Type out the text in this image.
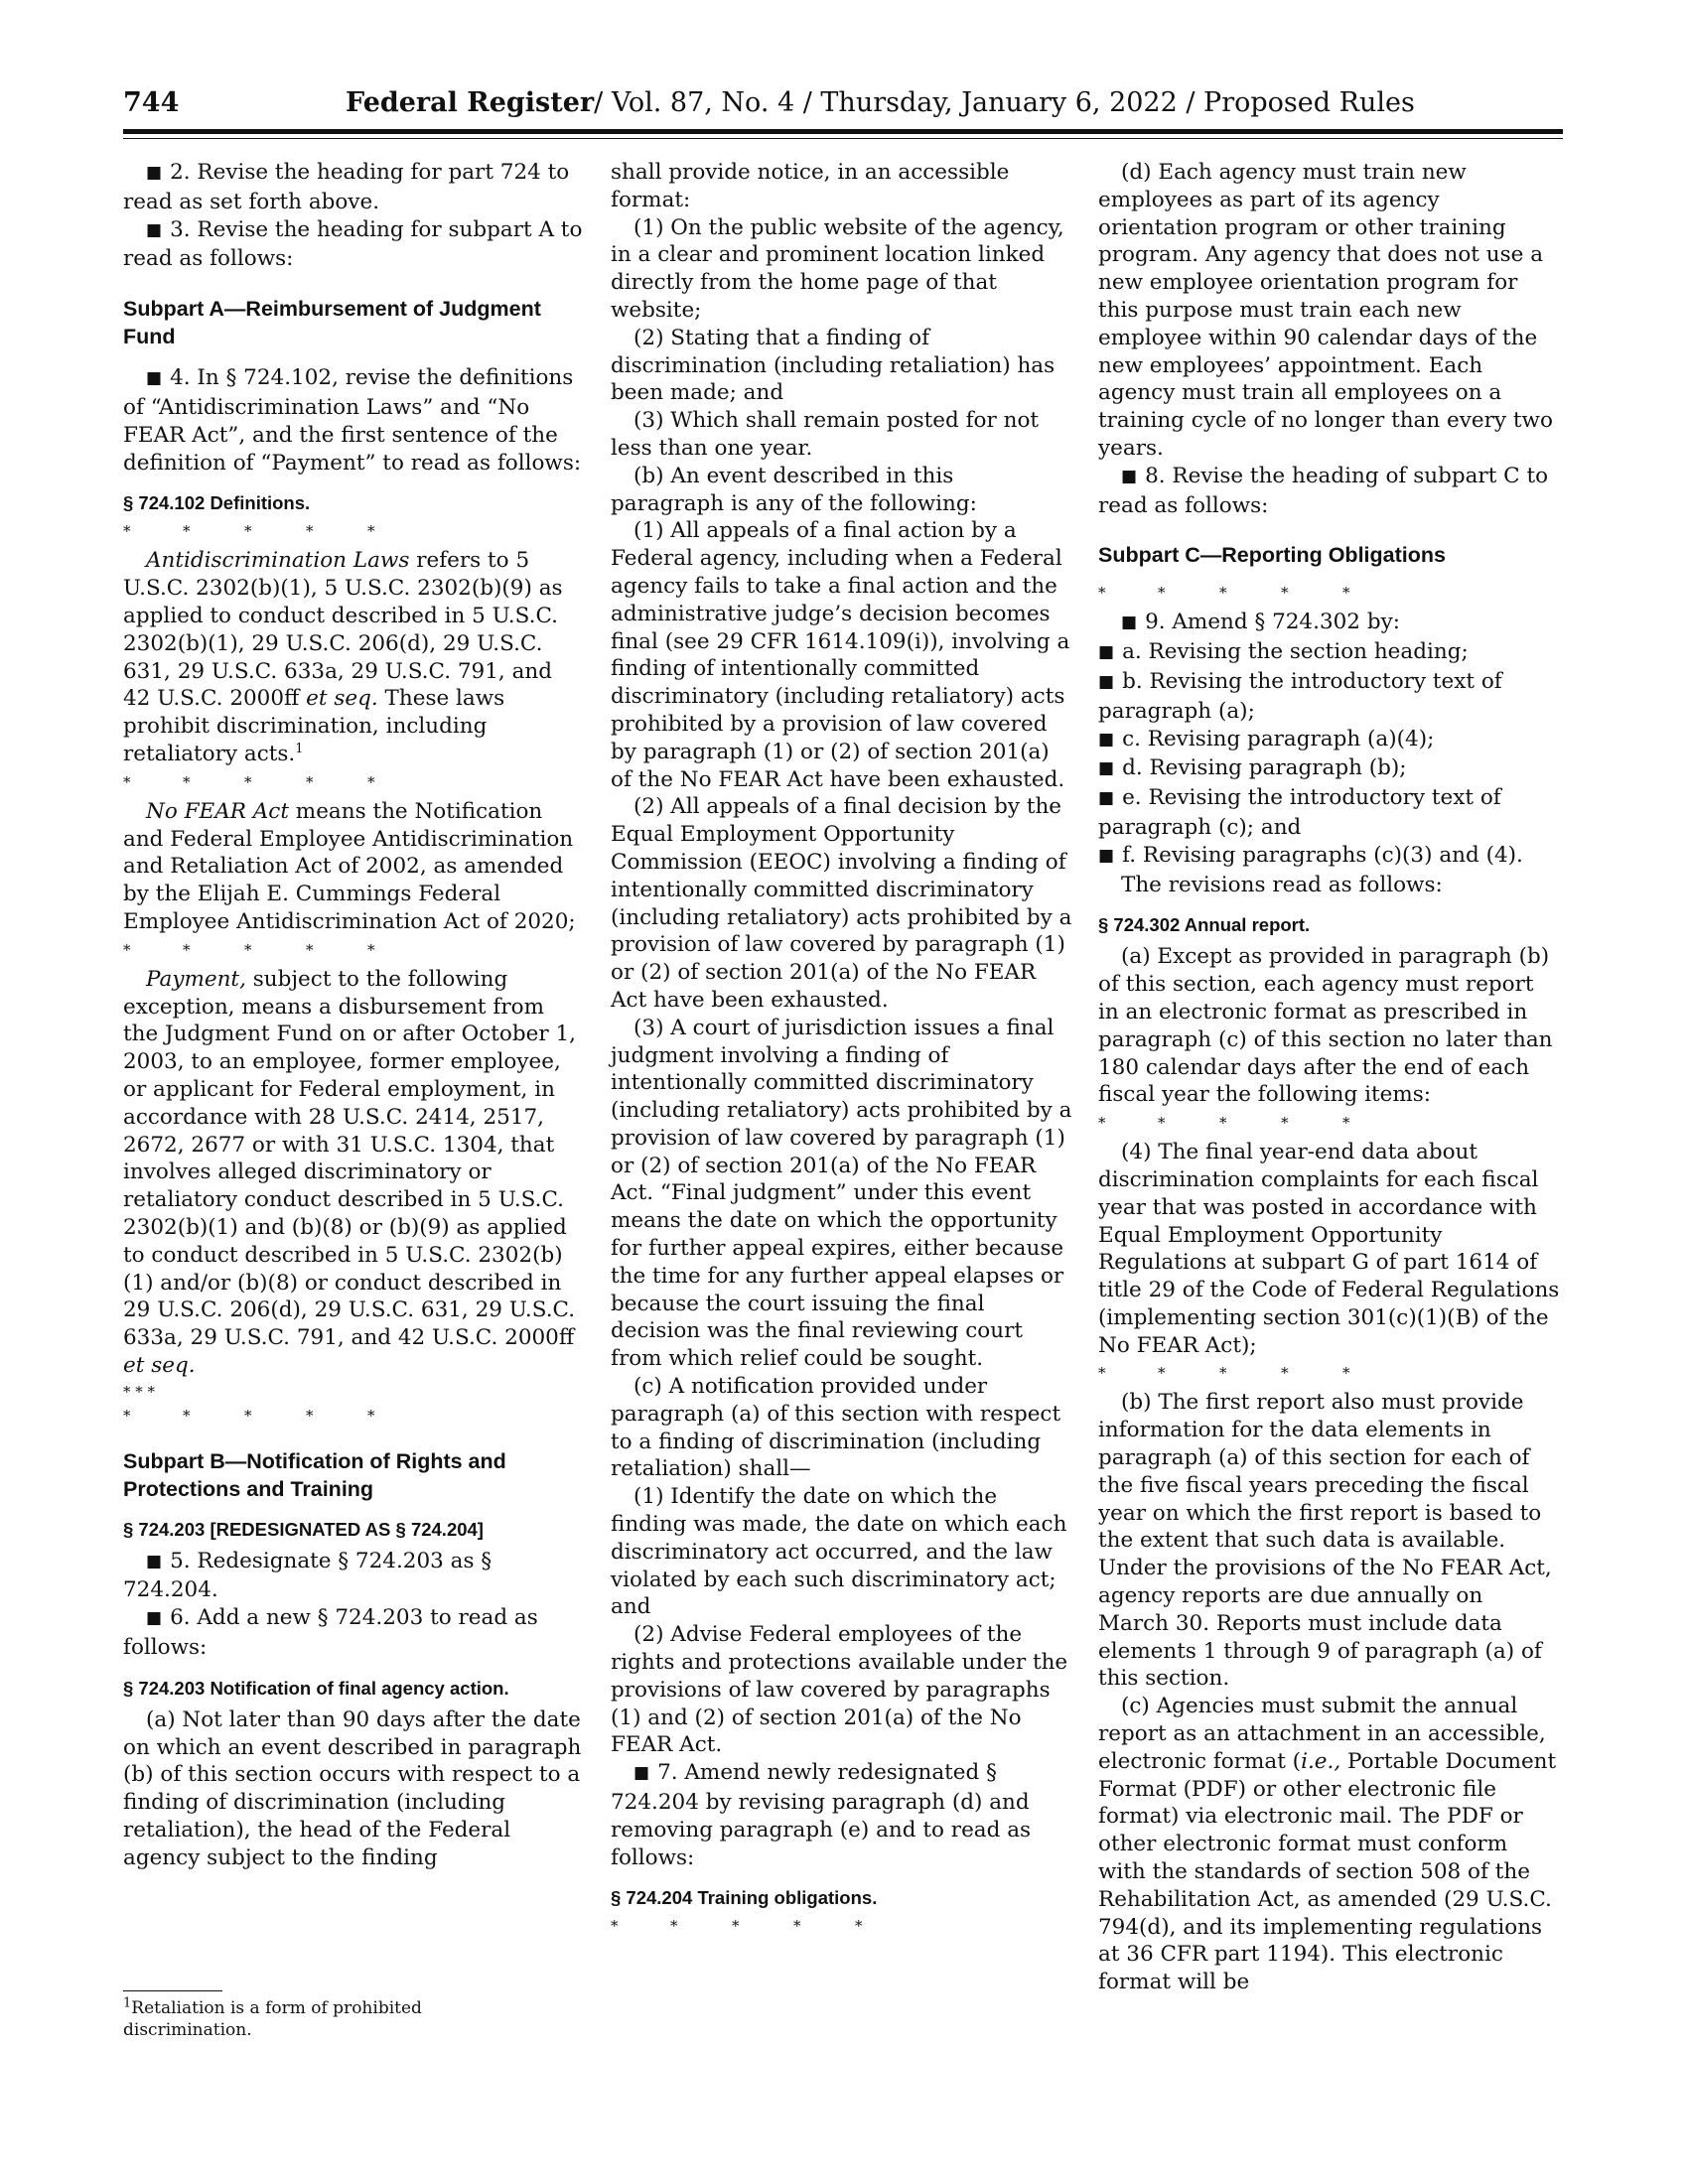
744	Federal Register/ Vol. 87, No. 4 / Thursday, January 6, 2022 / Proposed Rules

■ 2. Revise the heading for part 724 to read as set forth above.

■ 3. Revise the heading for subpart A to read as follows:

Subpart A—Reimbursement of Judgment Fund

■ 4. In § 724.102, revise the definitions of “Antidiscrimination Laws” and “No FEAR Act”, and the first sentence of the definition of “Payment” to read as follows:

§ 724.102 Definitions.
*	*	*	*	*

Antidiscrimination Laws refers to 5 U.S.C. 2302(b)(1), 5 U.S.C. 2302(b)(9) as applied to conduct described in 5 U.S.C. 2302(b)(1), 29 U.S.C. 206(d), 29 U.S.C. 631, 29 U.S.C. 633a, 29 U.S.C. 791, and 42 U.S.C. 2000ff et seq. These laws prohibit discrimination, including retaliatory acts.$^1$

*	*	*	*	*

No FEAR Act means the Notification and Federal Employee Antidiscrimination and Retaliation Act of 2002, as amended by the Elijah E. Cummings Federal Employee Antidiscrimination Act of 2020;

*	*	*	*	*

Payment, subject to the following exception, means a disbursement from the Judgment Fund on or after October 1, 2003, to an employee, former employee, or applicant for Federal employment, in accordance with 28 U.S.C. 2414, 2517, 2672, 2677 or with 31 U.S.C. 1304, that involves alleged discriminatory or retaliatory conduct described in 5 U.S.C. 2302(b)(1) and (b)(8) or (b)(9) as applied to conduct described in 5 U.S.C. 2302(b)(1) and/or (b)(8) or conduct described in 29 U.S.C. 206(d), 29 U.S.C. 631, 29 U.S.C. 633a, 29 U.S.C. 791, and 42 U.S.C. 2000ff et seq.

* * *
*	*	*	*	*
Subpart B—Notification of Rights and Protections and Training
§ 724.203 [REDESIGNATED AS § 724.204]

■ 5. Redesignate § 724.203 as § 724.204.

■ 6. Add a new § 724.203 to read as follows:

§ 724.203 Notification of final agency action.

(a) Not later than 90 days after the date on which an event described in paragraph (b) of this section occurs with respect to a finding of discrimination (including retaliation), the head of the Federal agency subject to the finding

$^1$Retaliation is a form of prohibited discrimination.

shall provide notice, in an accessible format:

(1) On the public website of the agency, in a clear and prominent location linked directly from the home page of that website;

(2) Stating that a finding of discrimination (including retaliation) has been made; and

(3) Which shall remain posted for not less than one year.

(b) An event described in this paragraph is any of the following:

(1) All appeals of a final action by a Federal agency, including when a Federal agency fails to take a final action and the administrative judge’s decision becomes final (see 29 CFR 1614.109(i)), involving a finding of intentionally committed discriminatory (including retaliatory) acts prohibited by a provision of law covered by paragraph (1) or (2) of section 201(a) of the No FEAR Act have been exhausted.

(2) All appeals of a final decision by the Equal Employment Opportunity Commission (EEOC) involving a finding of intentionally committed discriminatory (including retaliatory) acts prohibited by a provision of law covered by paragraph (1) or (2) of section 201(a) of the No FEAR Act have been exhausted.

(3) A court of jurisdiction issues a final judgment involving a finding of intentionally committed discriminatory (including retaliatory) acts prohibited by a provision of law covered by paragraph (1) or (2) of section 201(a) of the No FEAR Act. “Final judgment” under this event means the date on which the opportunity for further appeal expires, either because the time for any further appeal elapses or because the court issuing the final decision was the final reviewing court from which relief could be sought.

(c) A notification provided under paragraph (a) of this section with respect to a finding of discrimination (including retaliation) shall—

(1) Identify the date on which the finding was made, the date on which each discriminatory act occurred, and the law violated by each such discriminatory act; and

(2) Advise Federal employees of the rights and protections available under the provisions of law covered by paragraphs (1) and (2) of section 201(a) of the No FEAR Act.

■ 7. Amend newly redesignated § 724.204 by revising paragraph (d) and removing paragraph (e) and to read as follows:

§ 724.204 Training obligations.
*	*	*	*	*

(d) Each agency must train new employees as part of its agency orientation program or other training program. Any agency that does not use a new employee orientation program for this purpose must train each new employee within 90 calendar days of the new employees’ appointment. Each agency must train all employees on a training cycle of no longer than every two years.

■ 8. Revise the heading of subpart C to read as follows:

Subpart C—Reporting Obligations
*	*	*	*	*

■ 9. Amend § 724.302 by:

■ a. Revising the section heading;

■ b. Revising the introductory text of paragraph (a);

■ c. Revising paragraph (a)(4);

■ d. Revising paragraph (b);

■ e. Revising the introductory text of paragraph (c); and

■ f. Revising paragraphs (c)(3) and (4).

The revisions read as follows:

§ 724.302 Annual report.

(a) Except as provided in paragraph (b) of this section, each agency must report in an electronic format as prescribed in paragraph (c) of this section no later than 180 calendar days after the end of each fiscal year the following items:

*	*	*	*	*

(4) The final year-end data about discrimination complaints for each fiscal year that was posted in accordance with Equal Employment Opportunity Regulations at subpart G of part 1614 of title 29 of the Code of Federal Regulations (implementing section 301(c)(1)(B) of the No FEAR Act);

*	*	*	*	*

(b) The first report also must provide information for the data elements in paragraph (a) of this section for each of the five fiscal years preceding the fiscal year on which the first report is based to the extent that such data is available. Under the provisions of the No FEAR Act, agency reports are due annually on March 30. Reports must include data elements 1 through 9 of paragraph (a) of this section.

(c) Agencies must submit the annual report as an attachment in an accessible, electronic format (i.e., Portable Document Format (PDF) or other electronic file format) via electronic mail. The PDF or other electronic format must conform with the standards of section 508 of the Rehabilitation Act, as amended (29 U.S.C. 794(d), and its implementing regulations at 36 CFR part 1194). This electronic format will be
